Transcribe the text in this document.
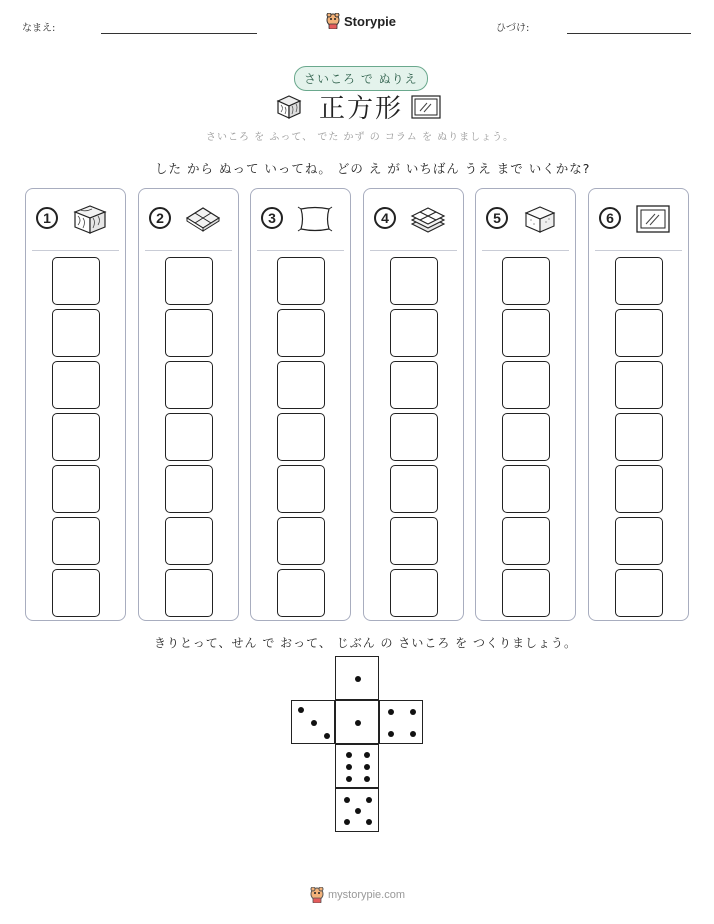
なまえ:	Storypie	ひづけ:
さいころ で ぬりえ
正方形
さいころ を ふって、 でた かず の コラム を ぬりましょう。
した から ぬって いってね。 どの え が いちばん うえ まで いくかな?
1	2	3	4	5	6
きりとって、せん で おって、 じぶん の さいころ を つくりましょう。
mystorypie.com
